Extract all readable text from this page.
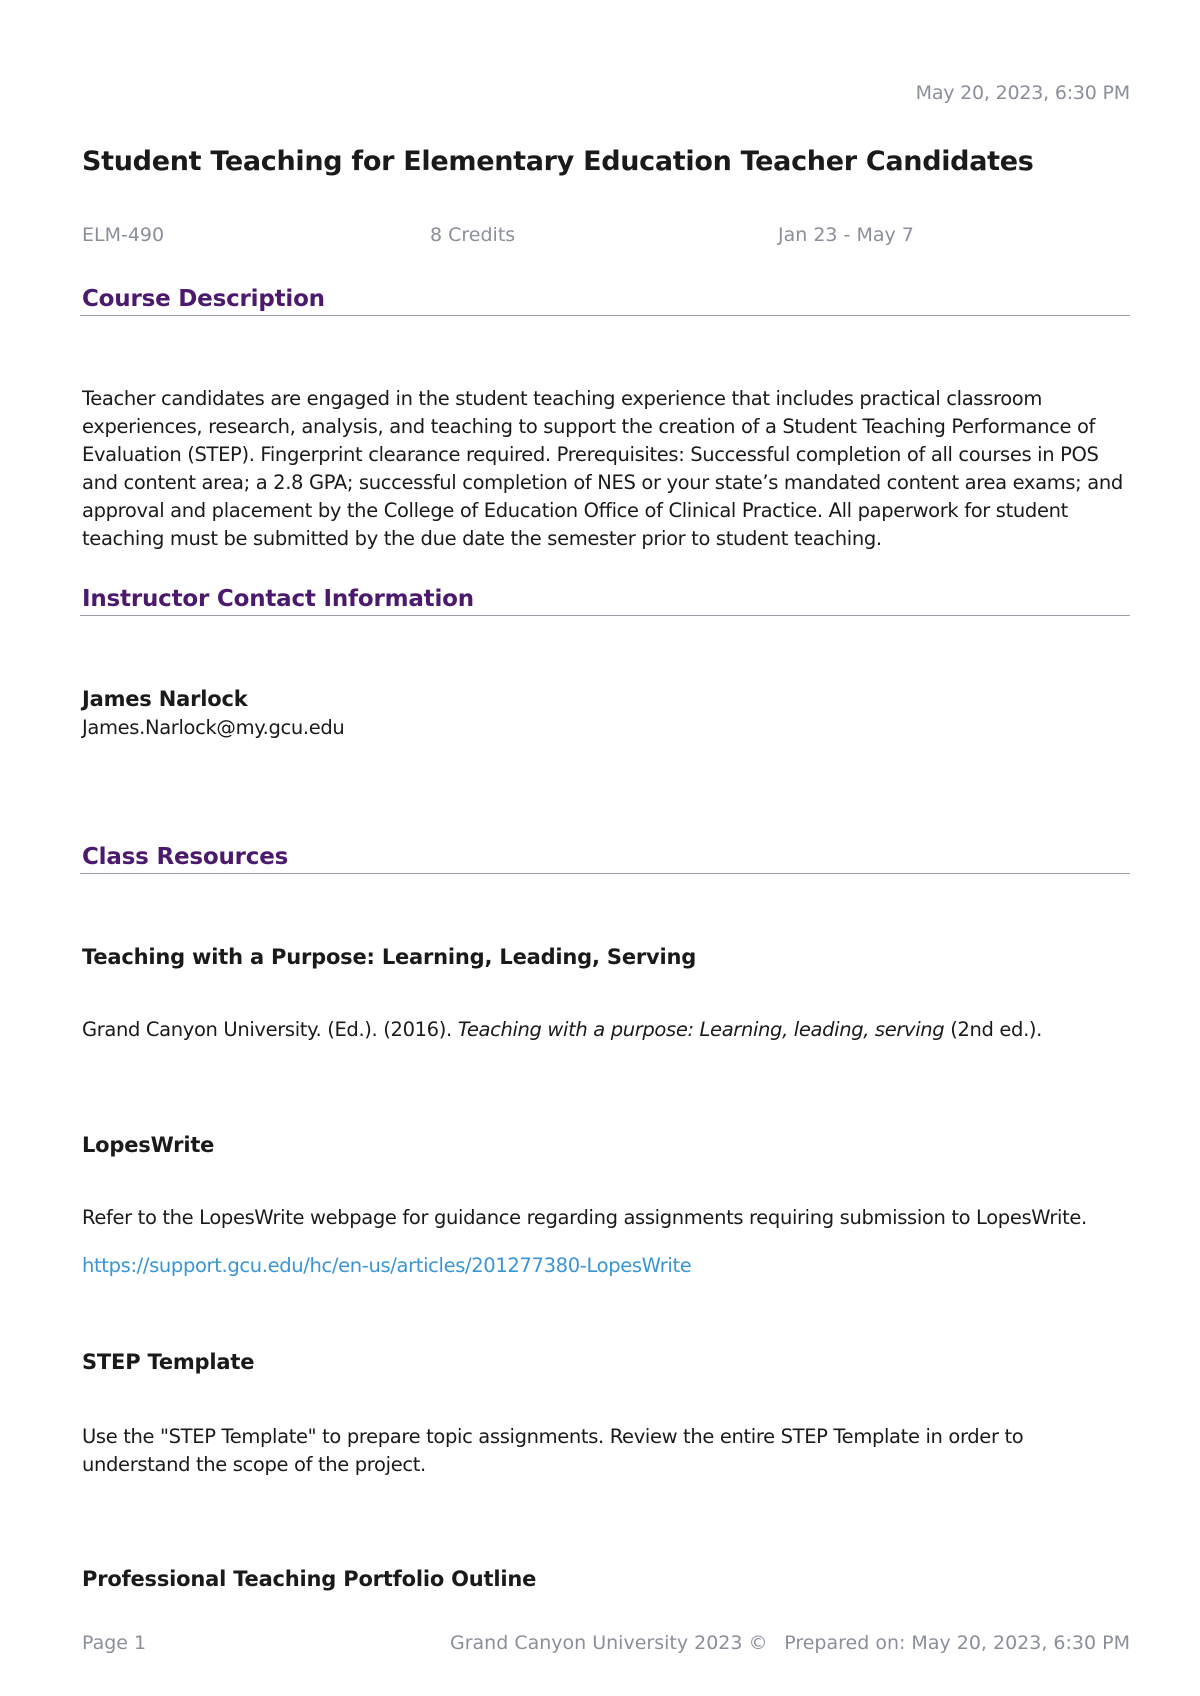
May 20, 2023, 6:30 PM
Student Teaching for Elementary Education Teacher Candidates
ELM-490	8 Credits	Jan 23 - May 7
Course Description

Teacher candidates are engaged in the student teaching experience that includes practical classroom

experiences, research, analysis, and teaching to support the creation of a Student Teaching Performance of

Evaluation (STEP). Fingerprint clearance required. Prerequisites: Successful completion of all courses in POS

and content area; a 2.8 GPA; successful completion of NES or your state’s mandated content area exams; and

approval and placement by the College of Education Office of Clinical Practice. All paperwork for student

teaching must be submitted by the due date the semester prior to student teaching.

Instructor Contact Information

James Narlock

James.Narlock@my.gcu.edu

Class Resources

Teaching with a Purpose: Learning, Leading, Serving

Grand Canyon University. (Ed.). (2016). Teaching with a purpose: Learning, leading, serving (2nd ed.).

LopesWrite

Refer to the LopesWrite webpage for guidance regarding assignments requiring submission to LopesWrite.

https://support.gcu.edu/hc/en-us/articles/201277380-LopesWrite

STEP Template

Use the "STEP Template" to prepare topic assignments. Review the entire STEP Template in order to

understand the scope of the project.

Professional Teaching Portfolio Outline

Page 1	Grand Canyon University 2023 © Prepared on: May 20, 2023, 6:30 PM
